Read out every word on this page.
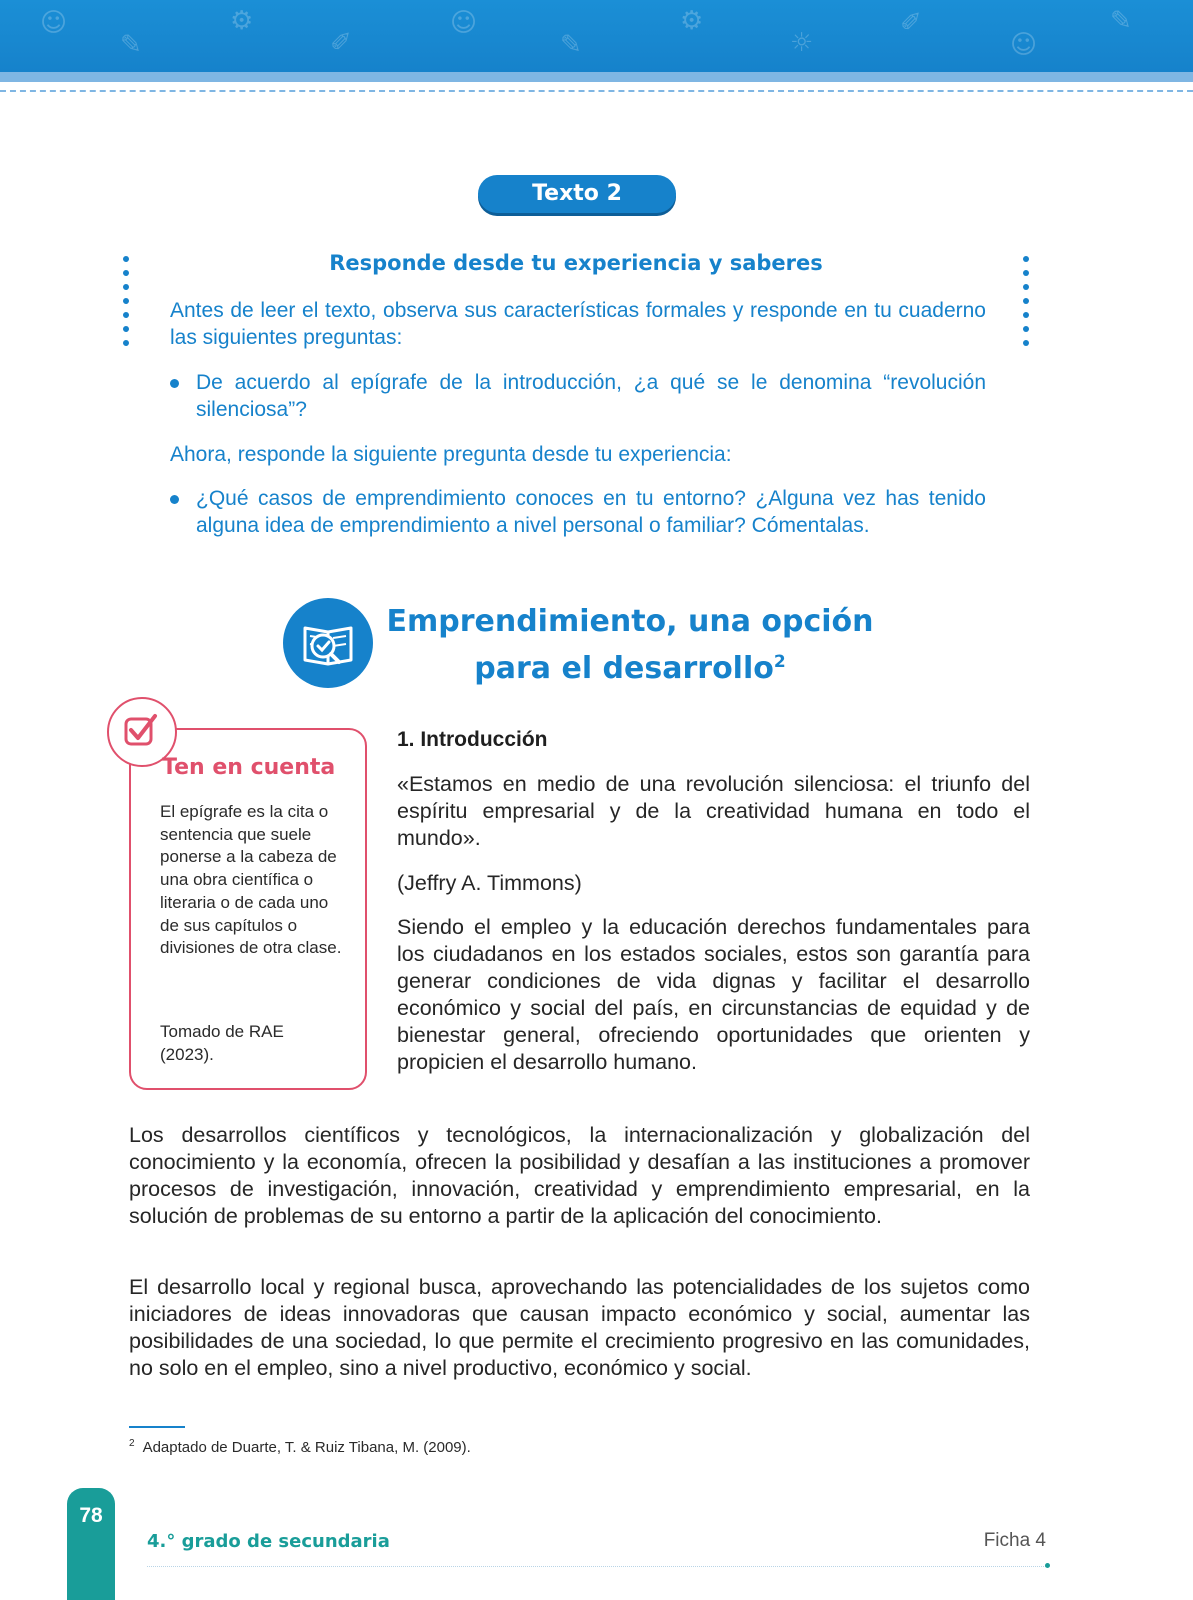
☺
✎
⚙
✐
☺
✎
⚙
☼
✐
☺
✎
Texto 2
Responde desde tu experiencia y saberes

Antes de leer el texto, observa sus características formales y responde en tu cuaderno las siguientes preguntas:

De acuerdo al epígrafe de la introducción, ¿a qué se le denomina “revolución silenciosa”?

Ahora, responde la siguiente pregunta desde tu experiencia:

¿Qué casos de emprendimiento conoces en tu entorno? ¿Alguna vez has tenido alguna idea de emprendimiento a nivel personal o familiar? Cómentalas.
Emprendimiento, una opción
para el desarrollo$^2$
Ten en cuenta
El epígrafe es la cita o sentencia que suele ponerse a la cabeza de una obra científica o literaria o de cada uno de sus capítulos o divisiones de otra clase.
Tomado de RAE (2023).
1. Introducción

«Estamos en medio de una revolución silenciosa: el triunfo del espíritu empresarial y de la creatividad humana en todo el mundo».

(Jeffry A. Timmons)

Siendo el empleo y la educación derechos fundamentales para los ciudadanos en los estados sociales, estos son garantía para generar condiciones de vida dignas y facilitar el desarrollo económico y social del país, en circunstancias de equidad y de bienestar general, ofreciendo oportunidades que orienten y propicien el desarrollo humano.

Los desarrollos científicos y tecnológicos, la internacionalización y globalización del conocimiento y la economía, ofrecen la posibilidad y desafían a las instituciones a promover procesos de investigación, innovación, creatividad y emprendimiento empresarial, en la solución de problemas de su entorno a partir de la aplicación del conocimiento.

El desarrollo local y regional busca, aprovechando las potencialidades de los sujetos como iniciadores de ideas innovadoras que causan impacto económico y social, aumentar las posibilidades de una sociedad, lo que permite el crecimiento progresivo en las comunidades, no solo en el empleo, sino a nivel productivo, económico y social.

$^2$ Adaptado de Duarte, T. & Ruiz Tibana, M. (2009).
78
4.° grado de secundaria	Ficha 4
